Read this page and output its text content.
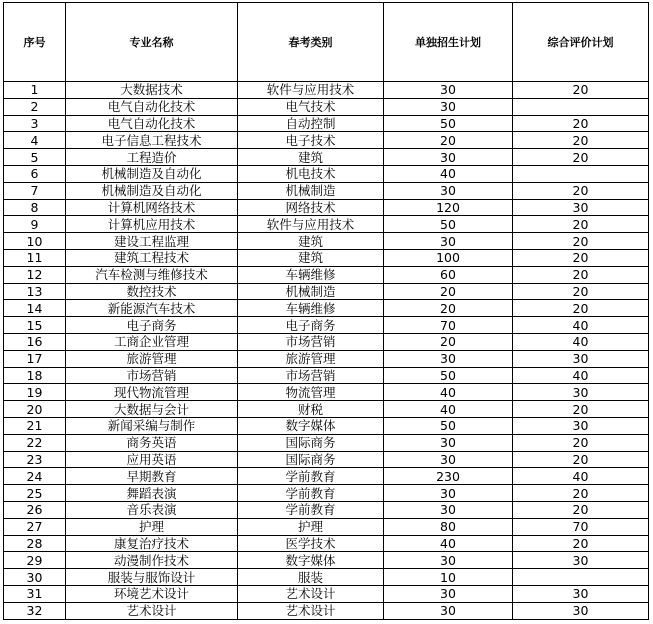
序号	专业名称	春考类别	单独招生计划	综合评价计划
1	大数据技术	软件与应用技术	30	20
2	电气自动化技术	电气技术	30	
3	电气自动化技术	自动控制	50	20
4	电子信息工程技术	电子技术	20	20
5	工程造价	建筑	30	20
6	机械制造及自动化	机电技术	40	
7	机械制造及自动化	机械制造	30	20
8	计算机网络技术	网络技术	120	30
9	计算机应用技术	软件与应用技术	50	20
10	建设工程监理	建筑	30	20
11	建筑工程技术	建筑	100	20
12	汽车检测与维修技术	车辆维修	60	20
13	数控技术	机械制造	20	20
14	新能源汽车技术	车辆维修	20	20
15	电子商务	电子商务	70	40
16	工商企业管理	市场营销	20	40
17	旅游管理	旅游管理	30	30
18	市场营销	市场营销	50	40
19	现代物流管理	物流管理	40	30
20	大数据与会计	财税	40	20
21	新闻采编与制作	数字媒体	50	30
22	商务英语	国际商务	30	20
23	应用英语	国际商务	30	20
24	早期教育	学前教育	230	40
25	舞蹈表演	学前教育	30	20
26	音乐表演	学前教育	30	20
27	护理	护理	80	70
28	康复治疗技术	医学技术	40	20
29	动漫制作技术	数字媒体	30	30
30	服装与服饰设计	服装	10	
31	环境艺术设计	艺术设计	30	30
32	艺术设计	艺术设计	30	30
